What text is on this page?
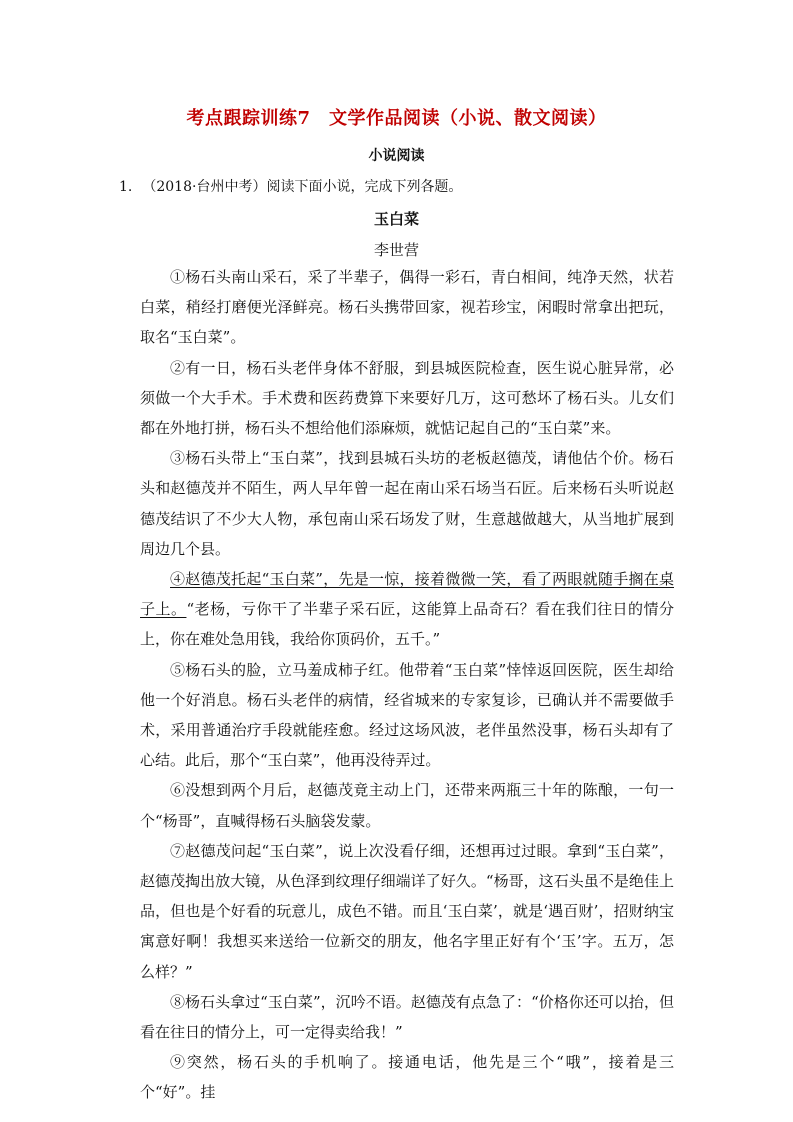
考点跟踪训练7　文学作品阅读（小说、散文阅读）
小说阅读
1. （2018·台州中考）阅读下面小说，完成下列各题。
玉白菜
李世营

①杨石头南山采石，采了半辈子，偶得一彩石，青白相间，纯净天然，状若白菜，稍经打磨便光泽鲜亮。杨石头携带回家，视若珍宝，闲暇时常拿出把玩，取名“玉白菜”。

②有一日，杨石头老伴身体不舒服，到县城医院检查，医生说心脏异常，必须做一个大手术。手术费和医药费算下来要好几万，这可愁坏了杨石头。儿女们都在外地打拼，杨石头不想给他们添麻烦，就惦记起自己的“玉白菜”来。

③杨石头带上“玉白菜”，找到县城石头坊的老板赵德茂，请他估个价。杨石头和赵德茂并不陌生，两人早年曾一起在南山采石场当石匠。后来杨石头听说赵德茂结识了不少大人物，承包南山采石场发了财，生意越做越大，从当地扩展到周边几个县。

④赵德茂托起“玉白菜”，先是一惊，接着微微一笑，看了两眼就随手搁在桌子上。“老杨，亏你干了半辈子采石匠，这能算上品奇石？看在我们往日的情分上，你在难处急用钱，我给你顶码价，五千。”

⑤杨石头的脸，立马羞成柿子红。他带着“玉白菜”悻悻返回医院，医生却给他一个好消息。杨石头老伴的病情，经省城来的专家复诊，已确认并不需要做手术，采用普通治疗手段就能痊愈。经过这场风波，老伴虽然没事，杨石头却有了心结。此后，那个“玉白菜”，他再没待弄过。

⑥没想到两个月后，赵德茂竟主动上门，还带来两瓶三十年的陈酿，一句一个“杨哥”，直喊得杨石头脑袋发蒙。

⑦赵德茂问起“玉白菜”，说上次没看仔细，还想再过过眼。拿到“玉白菜”，赵德茂掏出放大镜，从色泽到纹理仔细端详了好久。“杨哥，这石头虽不是绝佳上品，但也是个好看的玩意儿，成色不错。而且‘玉白菜’，就是‘遇百财’，招财纳宝寓意好啊！我想买来送给一位新交的朋友，他名字里正好有个‘玉’字。五万，怎么样？”

⑧杨石头拿过“玉白菜”，沉吟不语。赵德茂有点急了：“价格你还可以抬，但看在往日的情分上，可一定得卖给我！”

⑨突然，杨石头的手机响了。接通电话，他先是三个“哦”，接着是三个“好”。挂
